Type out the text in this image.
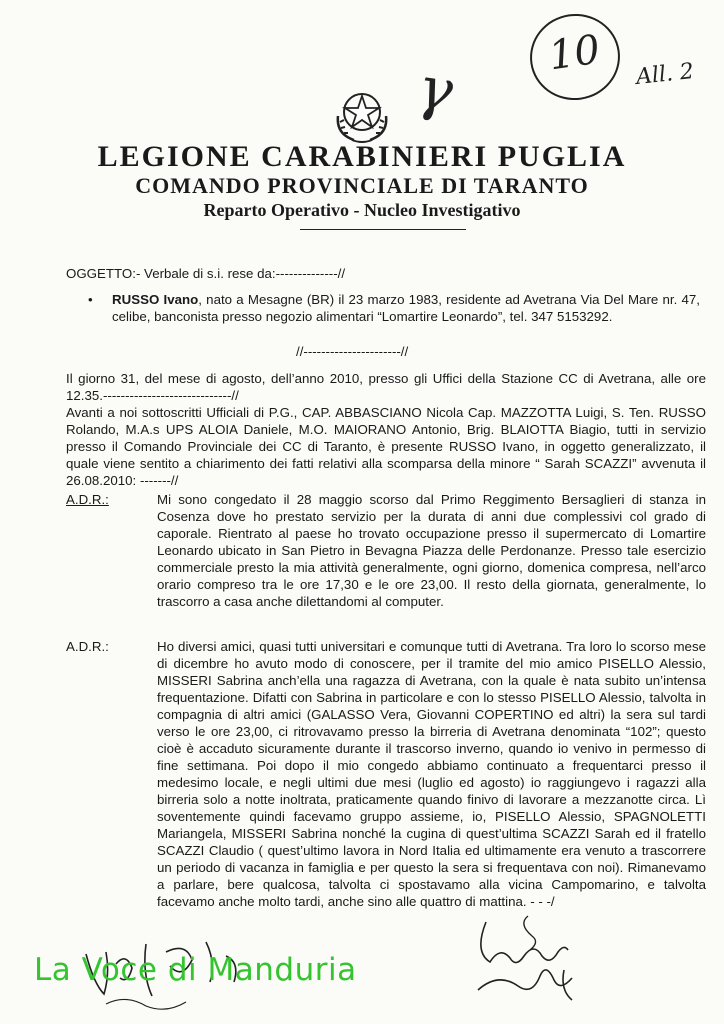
γ	10	All. 2
LEGIONE CARABINIERI PUGLIA
COMANDO PROVINCIALE DI TARANTO
Reparto Operativo - Nucleo Investigativo
OGGETTO:- Verbale di s.i. rese da:--------------//
• RUSSO Ivano, nato a Mesagne (BR) il 23 marzo 1983, residente ad Avetrana Via Del Mare nr. 47, celibe, banconista presso negozio alimentari “Lomartire Leonardo”, tel. 347 5153292.
//----------------------//
Il giorno 31, del mese di agosto, dell’anno 2010, presso gli Uffici della Stazione CC di Avetrana, alle ore 12.35.-----------------------------//
Avanti a noi sottoscritti Ufficiali di P.G., CAP. ABBASCIANO Nicola Cap. MAZZOTTA Luigi, S. Ten. RUSSO Rolando, M.A.s UPS ALOIA Daniele, M.O. MAIORANO Antonio, Brig. BLAIOTTA Biagio, tutti in servizio presso il Comando Provinciale dei CC di Taranto, è presente RUSSO Ivano, in oggetto generalizzato, il quale viene sentito a chiarimento dei fatti relativi alla scomparsa della minore “ Sarah SCAZZI” avvenuta il 26.08.2010: -------//
A.D.R.:	Mi sono congedato il 28 maggio scorso dal Primo Reggimento Bersaglieri di stanza in Cosenza dove ho prestato servizio per la durata di anni due complessivi col grado di caporale. Rientrato al paese ho trovato occupazione presso il supermercato di Lomartire Leonardo ubicato in San Pietro in Bevagna Piazza delle Perdonanze. Presso tale esercizio commerciale presto la mia attività generalmente, ogni giorno, domenica compresa, nell’arco orario compreso tra le ore 17,30 e le ore 23,00. Il resto della giornata, generalmente, lo trascorro a casa anche dilettandomi al computer.
A.D.R.:	Ho diversi amici, quasi tutti universitari e comunque tutti di Avetrana. Tra loro lo scorso mese di dicembre ho avuto modo di conoscere, per il tramite del mio amico PISELLO Alessio, MISSERI Sabrina anch’ella una ragazza di Avetrana, con la quale è nata subito un’intensa frequentazione. Difatti con Sabrina in particolare e con lo stesso PISELLO Alessio, talvolta in compagnia di altri amici (GALASSO Vera, Giovanni COPERTINO ed altri) la sera sul tardi verso le ore 23,00, ci ritrovavamo presso la birreria di Avetrana denominata “102”; questo cioè è accaduto sicuramente durante il trascorso inverno, quando io venivo in permesso di fine settimana. Poi dopo il mio congedo abbiamo continuato a frequentarci presso il medesimo locale, e negli ultimi due mesi (luglio ed agosto) io raggiungevo i ragazzi alla birreria solo a notte inoltrata, praticamente quando finivo di lavorare a mezzanotte circa. Lì soventemente quindi facevamo gruppo assieme, io, PISELLO Alessio, SPAGNOLETTI Mariangela, MISSERI Sabrina nonché la cugina di quest’ultima SCAZZI Sarah ed il fratello SCAZZI Claudio ( quest’ultimo lavora in Nord Italia ed ultimamente era venuto a trascorrere un periodo di vacanza in famiglia e per questo la sera si frequentava con noi). Rimanevamo a parlare, bere qualcosa, talvolta ci spostavamo alla vicina Campomarino, e talvolta facevamo anche molto tardi, anche sino alle quattro di mattina. - - -/
La Voce di Manduria
